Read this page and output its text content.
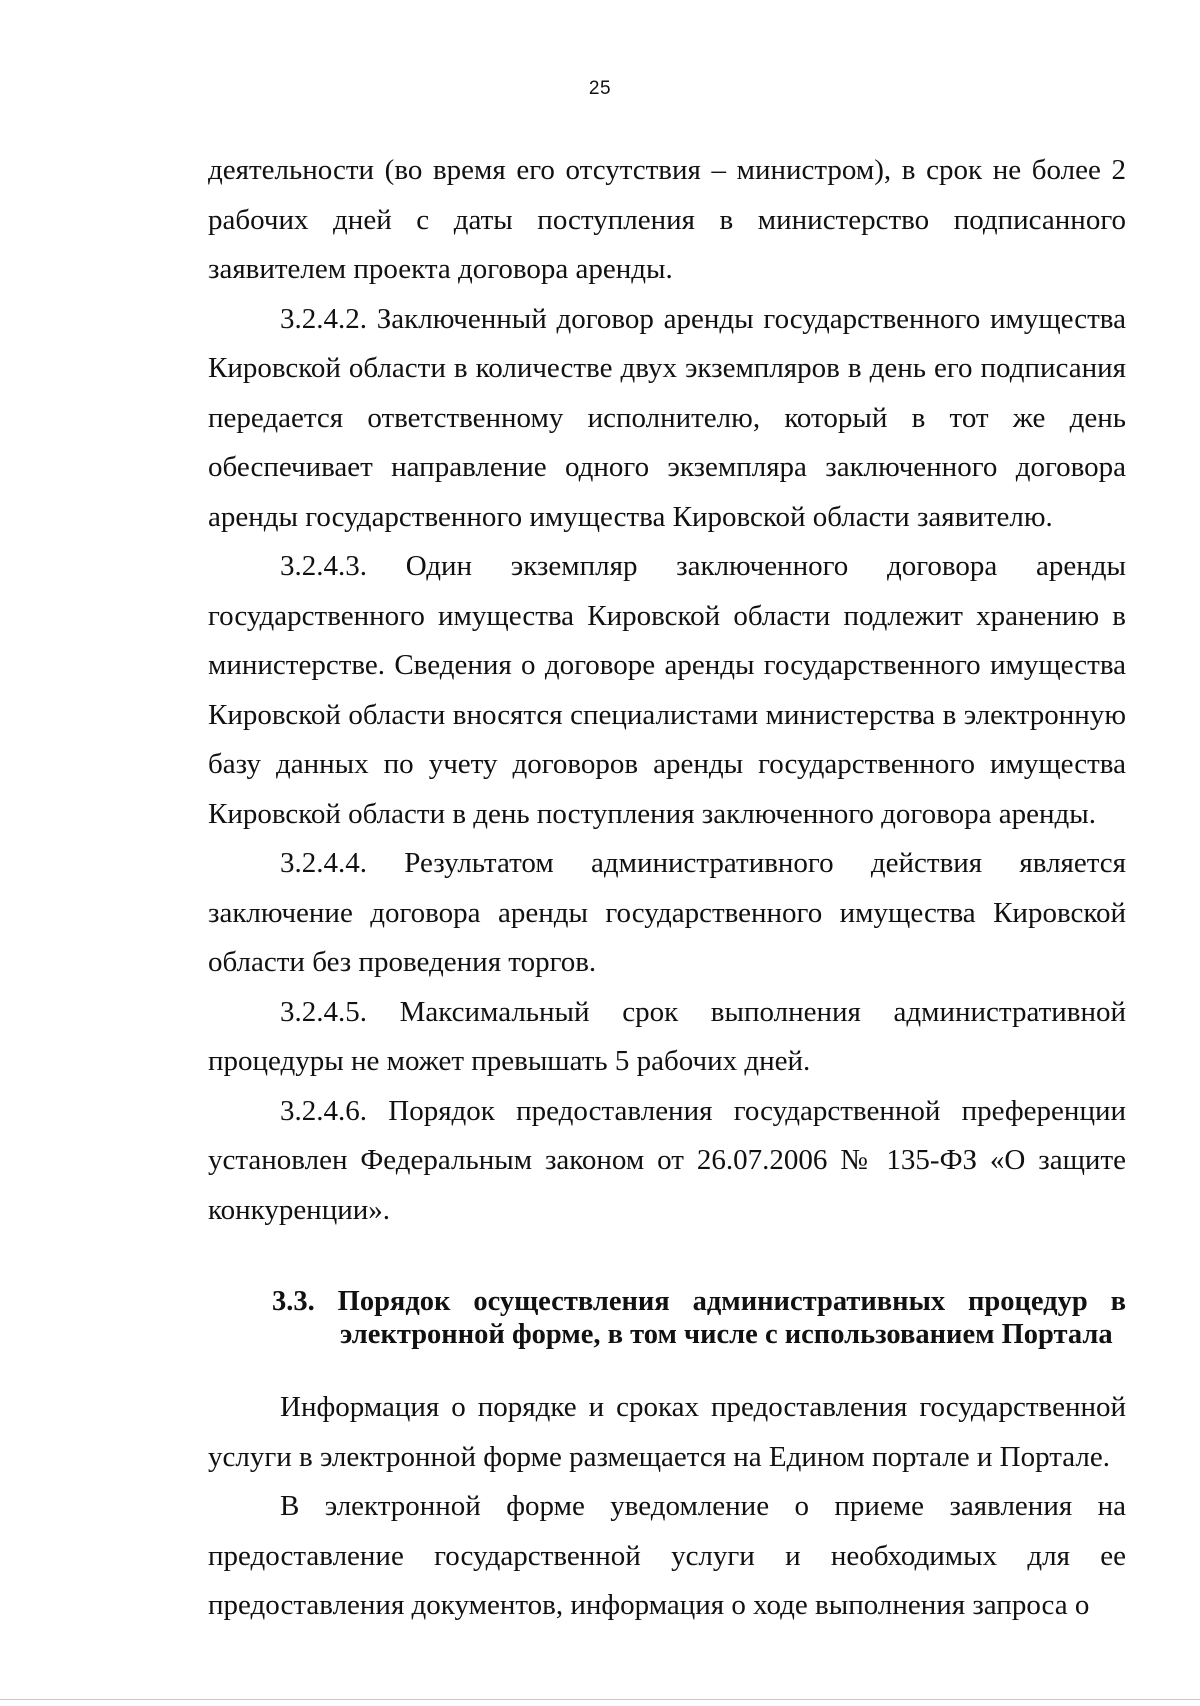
25

деятельности (во время его отсутствия – министром), в срок не более 2 рабочих дней с даты поступления в министерство подписанного заявителем проекта договора аренды.

3.2.4.2. Заключенный договор аренды государственного имущества Кировской области в количестве двух экземпляров в день его подписания передается ответственному исполнителю, который в тот же день обеспечивает направление одного экземпляра заключенного договора аренды государственного имущества Кировской области заявителю.

3.2.4.3. Один экземпляр заключенного договора аренды государственного имущества Кировской области подлежит хранению в министерстве. Сведения о договоре аренды государственного имущества Кировской области вносятся специалистами министерства в электронную базу данных по учету договоров аренды государственного имущества Кировской области в день поступления заключенного договора аренды.

3.2.4.4. Результатом административного действия является заключение договора аренды государственного имущества Кировской области без проведения торгов.

3.2.4.5. Максимальный срок выполнения административной процедуры не может превышать 5 рабочих дней.

3.2.4.6. Порядок предоставления государственной преференции установлен Федеральным законом от 26.07.2006 № 135-ФЗ «О защите конкуренции».

3.3. Порядок осуществления административных процедур в электронной форме, в том числе с использованием Портала

Информация о порядке и сроках предоставления государственной услуги в электронной форме размещается на Едином портале и Портале.

В электронной форме уведомление о приеме заявления на предоставление государственной услуги и необходимых для ее предоставления документов, информация о ходе выполнения запроса о
